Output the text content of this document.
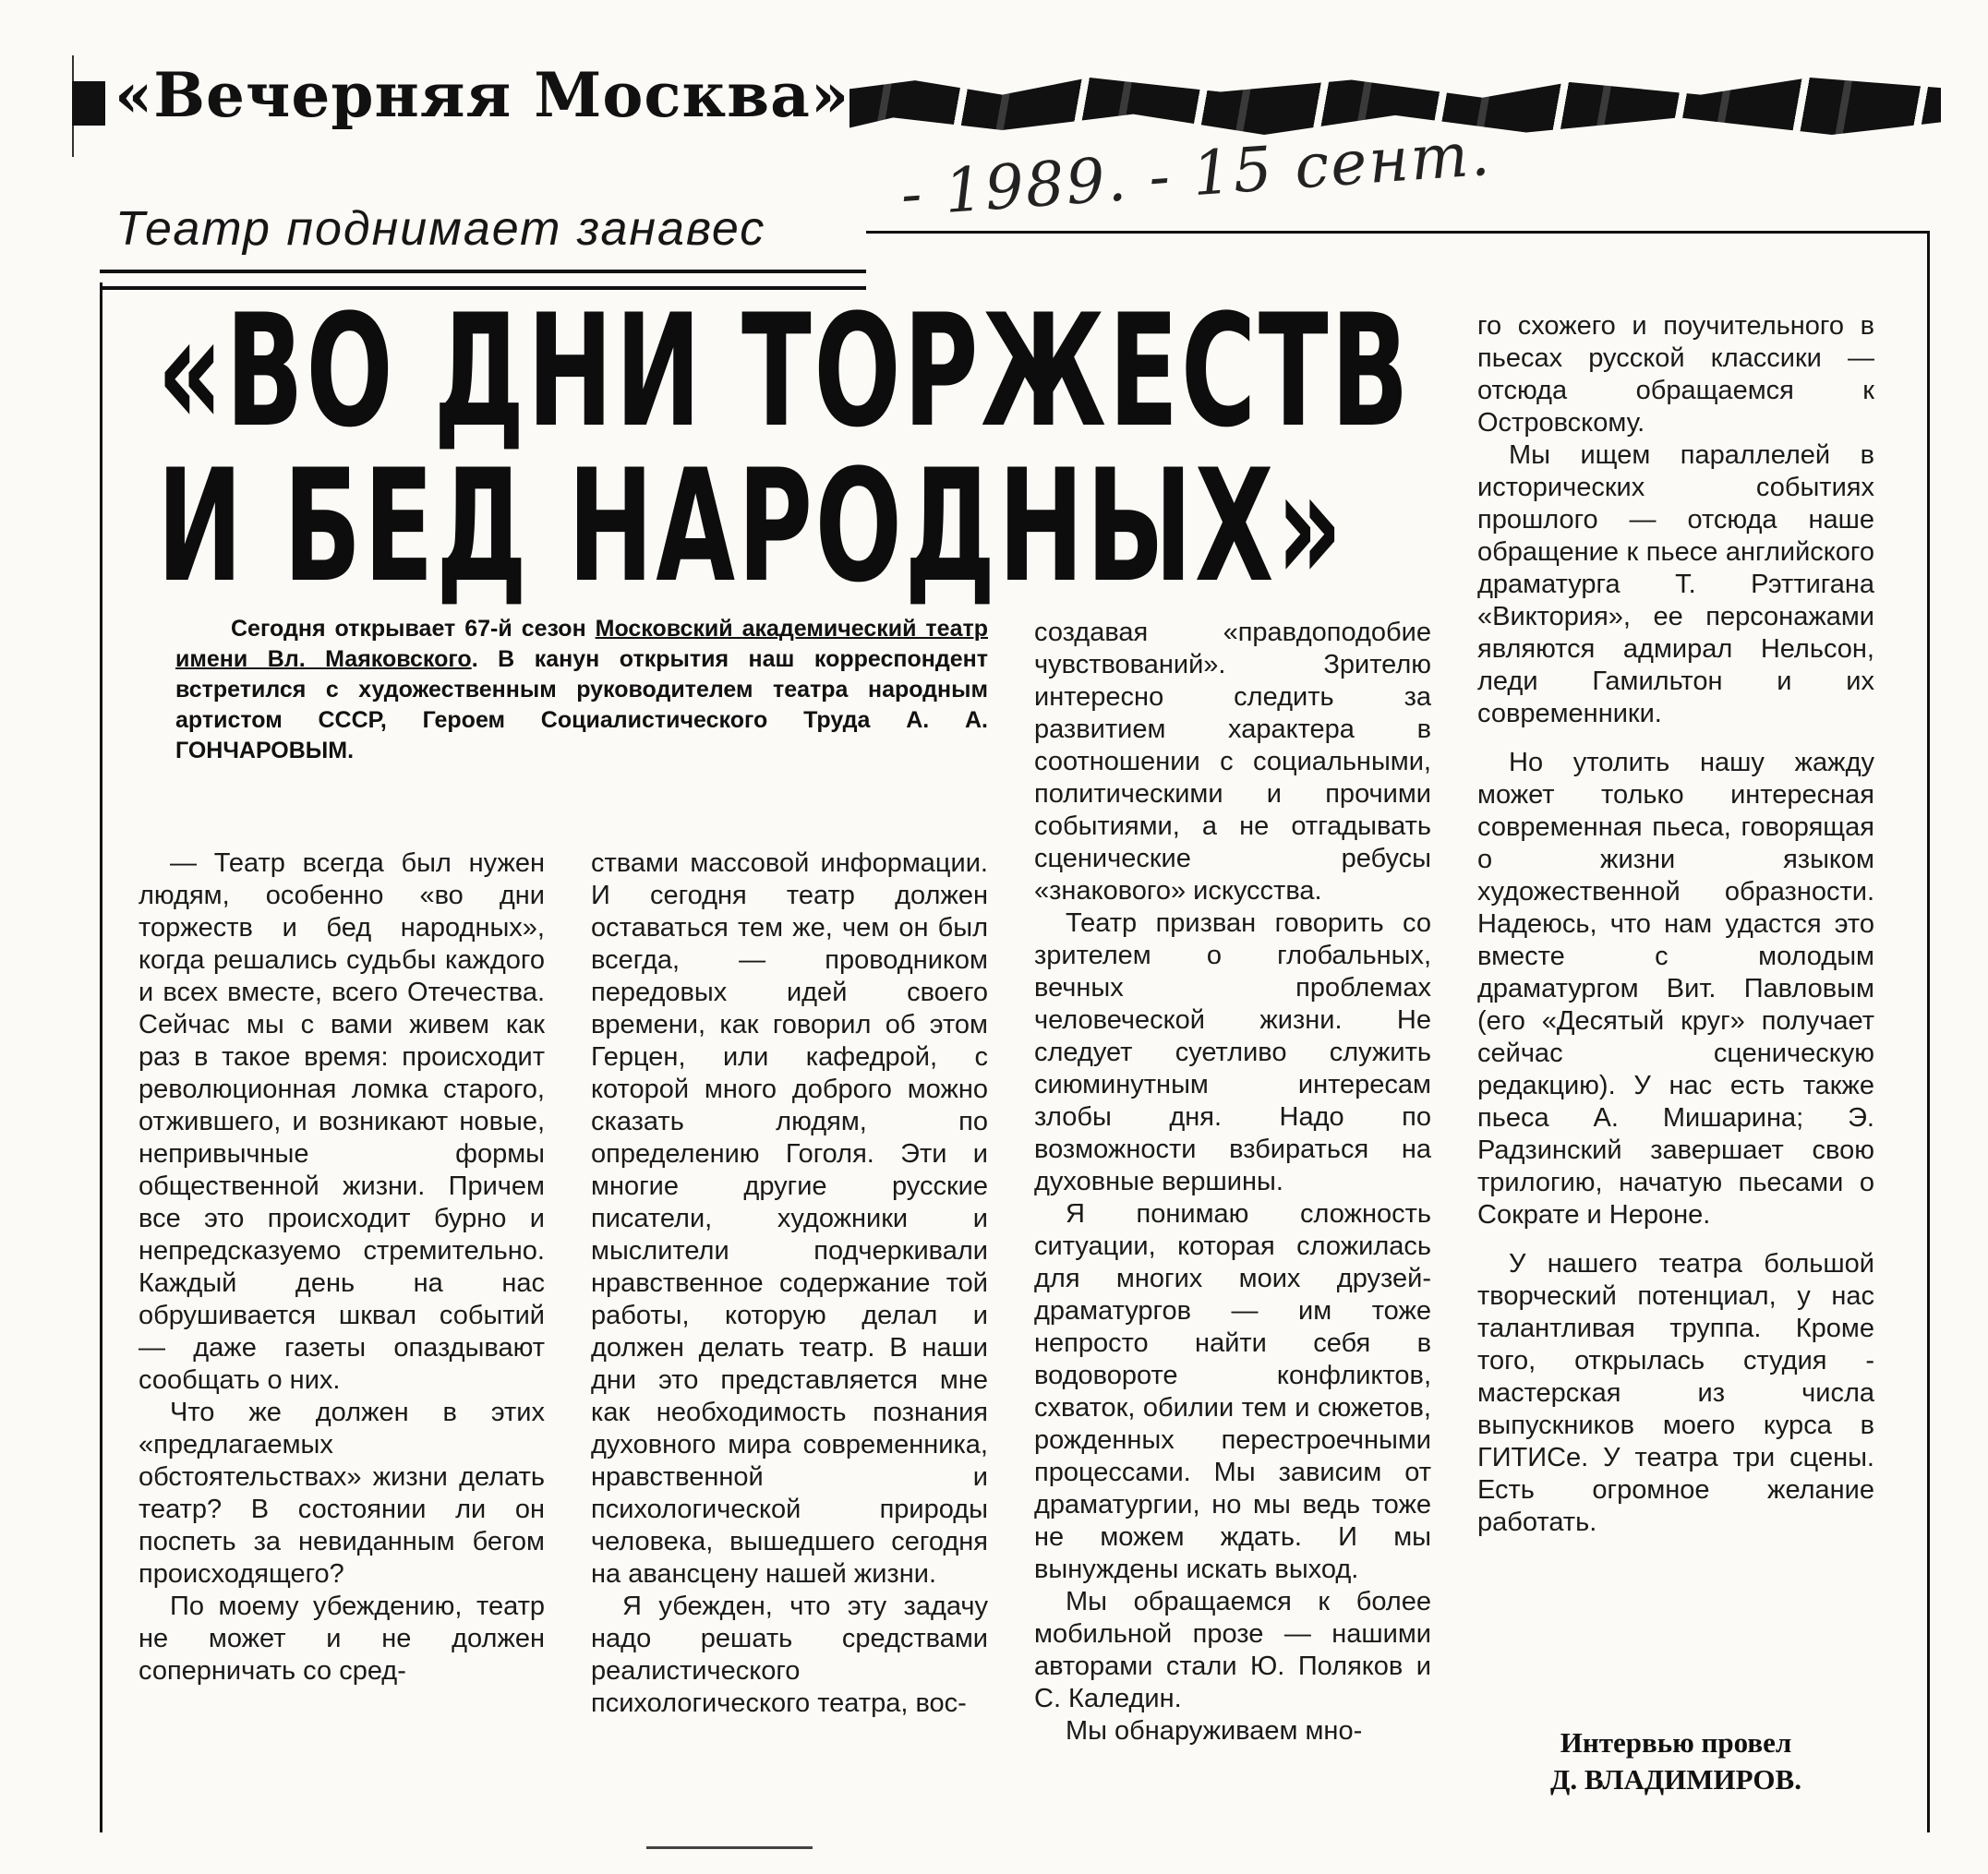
«Вечерняя Москва»
- 1989. - 15 сент.
Театр поднимает занавес
«ВО ДНИ ТОРЖЕСТВ
И БЕД НАРОДНЫХ»
Сегодня открывает 67-й сезон Московский академический театр имени Вл. Маяковского. В канун открытия наш корреспондент встретился с художественным руководителем театра народным артистом СССР, Героем Социалистического Труда А. А. ГОНЧАРОВЫМ.

— Театр всегда был нужен людям, особенно «во дни торжеств и бед народных», когда решались судьбы каждого и всех вместе, всего Отечества. Сейчас мы с вами живем как раз в такое время: происходит революционная ломка старого, отжившего, и возникают новые, непривычные формы общественной жизни. Причем все это происходит бурно и непредсказуемо стремительно. Каждый день на нас обрушивается шквал событий — даже газеты опаздывают сообщать о них.

Что же должен в этих «предлагаемых обстоятельствах» жизни делать театр? В состоянии ли он поспеть за невиданным бегом происходящего?

По моему убеждению, театр не может и не должен соперничать со сред-

ствами массовой информации. И сегодня театр должен оставаться тем же, чем он был всегда, — проводником передовых идей своего времени, как говорил об этом Герцен, или кафедрой, с которой много доброго можно сказать людям, по определению Гоголя. Эти и многие другие русские писатели, художники и мыслители подчеркивали нравственное содержание той работы, которую делал и должен делать театр. В наши дни это представляется мне как необходимость познания духовного мира современника, нравственной и психологической природы человека, вышедшего сегодня на авансцену нашей жизни.

Я убежден, что эту задачу надо решать средствами реалистического психологического театра, вос-

создавая «правдоподобие чувствований». Зрителю интересно следить за развитием характера в соотношении с социальными, политическими и прочими событиями, а не отгадывать сценические ребусы «знакового» искусства.

Театр призван говорить со зрителем о глобальных, вечных проблемах человеческой жизни. Не следует суетливо служить сиюминутным интересам злобы дня. Надо по возможности взбираться на духовные вершины.

Я понимаю сложность ситуации, которая сложилась для многих моих друзей-драматургов — им тоже непросто найти себя в водовороте конфликтов, схваток, обилии тем и сюжетов, рожденных перестроечными процессами. Мы зависим от драматургии, но мы ведь тоже не можем ждать. И мы вынуждены искать выход.

Мы обращаемся к более мобильной прозе — нашими авторами стали Ю. Поляков и С. Каледин.

Мы обнаруживаем мно-

го схожего и поучительного в пьесах русской классики — отсюда обращаемся к Островскому.

Мы ищем параллелей в исторических событиях прошлого — отсюда наше обращение к пьесе английского драматурга Т. Рэттигана «Виктория», ее персонажами являются адмирал Нельсон, леди Гамильтон и их современники.

Но утолить нашу жажду может только интересная современная пьеса, говорящая о жизни языком художественной образности. Надеюсь, что нам удастся это вместе с молодым драматургом Вит. Павловым (его «Десятый круг» получает сейчас сценическую редакцию). У нас есть также пьеса А. Мишарина; Э. Радзинский завершает свою трилогию, начатую пьесами о Сократе и Нероне.

У нашего театра большой творческий потенциал, у нас талантливая труппа. Кроме того, открылась студия - мастерская из числа выпускников моего курса в ГИТИСе. У театра три сцены. Есть огромное желание работать.

Интервью провел
Д. ВЛАДИМИРОВ.
